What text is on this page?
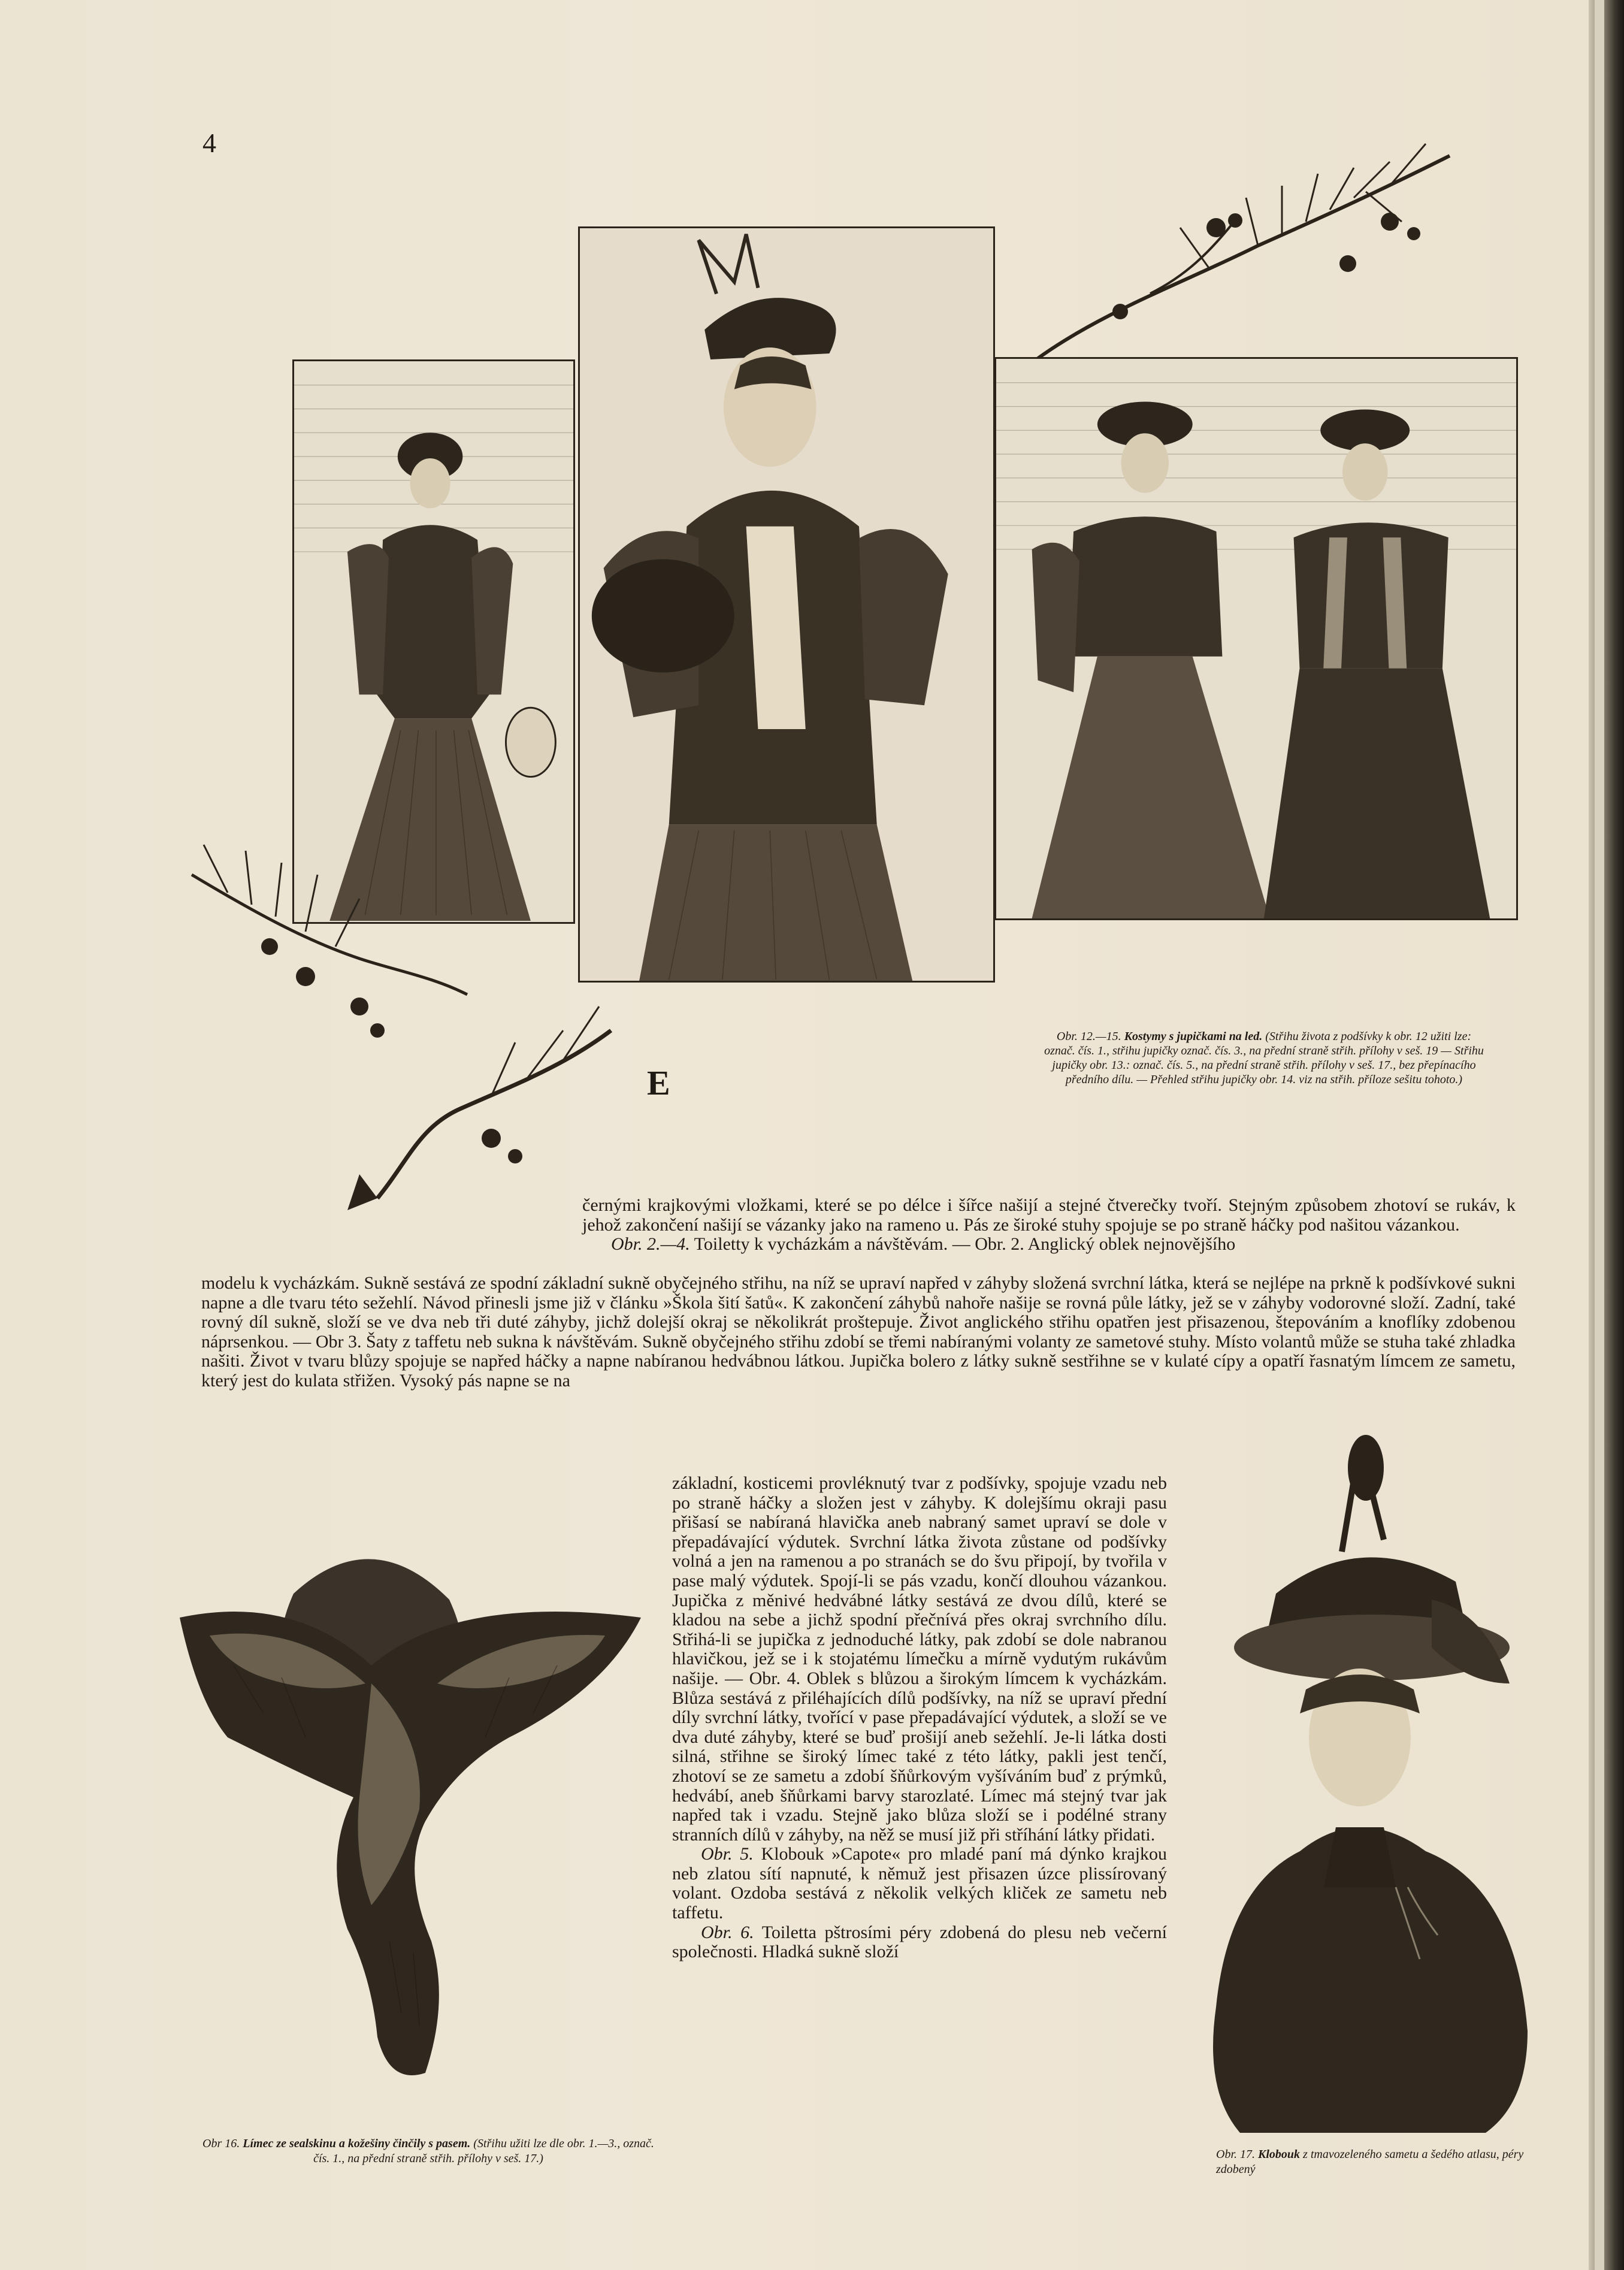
4
E
Obr. 12.—15. Kostymy s jupičkami na led. (Střihu života z podšívky k obr. 12 užiti lze: označ. čís. 1., střihu jupičky označ. čís. 3., na přední straně střih. přílohy v seš. 19 — Střihu jupičky obr. 13.: označ. čís. 5., na přední straně střih. přílohy v seš. 17., bez přepínacího předního dílu. — Přehled střihu jupičky obr. 14. viz na střih. příloze sešitu tohoto.)

černými krajkovými vložkami, které se po délce i šířce našijí a stejné čtverečky tvoří. Stejným způsobem zhotoví se rukáv, k jehož zakončení našijí se vázanky jako na rameno u. Pás ze široké stuhy spojuje se po straně háčky pod našitou vázankou.

Obr. 2.—4. Toiletty k vycházkám a návštěvám. — Obr. 2. Anglický oblek nejnovějšího

modelu k vycházkám. Sukně sestává ze spodní základní sukně obyčejného střihu, na níž se upraví napřed v záhyby složená svrchní látka, která se nejlépe na prkně k podšívkové sukni napne a dle tvaru této sežehlí. Návod přinesli jsme již v článku »Škola šití šatů«. K zakončení záhybů nahoře našije se rovná půle látky, jež se v záhyby vodorovné složí. Zadní, také rovný díl sukně, složí se ve dva neb tři duté záhyby, jichž dolejší okraj se několikrát proštepuje. Život anglického střihu opatřen jest přisazenou, štepováním a knoflíky zdobenou náprsenkou. — Obr 3. Šaty z taffetu neb sukna k návštěvám. Sukně obyčejného střihu zdobí se třemi nabíranými volanty ze sametové stuhy. Místo volantů může se stuha také zhladka našiti. Život v tvaru blůzy spojuje se napřed háčky a napne nabíranou hedvábnou látkou. Jupička bolero z látky sukně sestřihne se v kulaté cípy a opatří řasnatým límcem ze sametu, který jest do kulata střižen. Vysoký pás napne se na

základní, kosticemi provléknutý tvar z podšívky, spojuje vzadu neb po straně háčky a složen jest v záhyby. K dolejšímu okraji pasu přišasí se nabíraná hlavička aneb nabraný samet upraví se dole v přepadávající výdutek. Svrchní látka života zůstane od podšívky volná a jen na ramenou a po stranách se do švu připojí, by tvořila v pase malý výdutek. Spojí-li se pás vzadu, končí dlouhou vázankou. Jupička z měnivé hedvábné látky sestává ze dvou dílů, které se kladou na sebe a jichž spodní přečnívá přes okraj svrchního dílu. Střihá-li se jupička z jednoduché látky, pak zdobí se dole nabranou hlavičkou, jež se i k stojatému límečku a mírně vydutým rukávům našije. — Obr. 4. Oblek s blůzou a širokým límcem k vycházkám. Blůza sestává z přiléhajících dílů podšívky, na níž se upraví přední díly svrchní látky, tvořící v pase přepadávající výdutek, a složí se ve dva duté záhyby, které se buď prošijí aneb sežehlí. Je-li látka dosti silná, střihne se široký límec také z této látky, pakli jest tenčí, zhotoví se ze sametu a zdobí šňůrkovým vyšíváním buď z prýmků, hedvábí, aneb šňůrkami barvy starozlaté. Límec má stejný tvar jak napřed tak i vzadu. Stejně jako blůza složí se i podélné strany stranních dílů v záhyby, na něž se musí již při stříhání látky přidati.

Obr. 5. Klobouk »Capote« pro mladé paní má dýnko krajkou neb zlatou sítí napnuté, k němuž jest přisazen úzce plissírovaný volant. Ozdoba sestává z několik velkých kliček ze sametu neb taffetu.

Obr. 6. Toiletta pštrosími péry zdobená do plesu neb večerní společnosti. Hladká sukně složí

Obr 16. Límec ze sealskinu a kožešiny činčily s pasem. (Střihu užiti lze dle obr. 1.—3., označ. čís. 1., na přední straně střih. přílohy v seš. 17.)	Obr. 17. Klobouk z tmavozeleného sametu a šedého atlasu, péry zdobený
